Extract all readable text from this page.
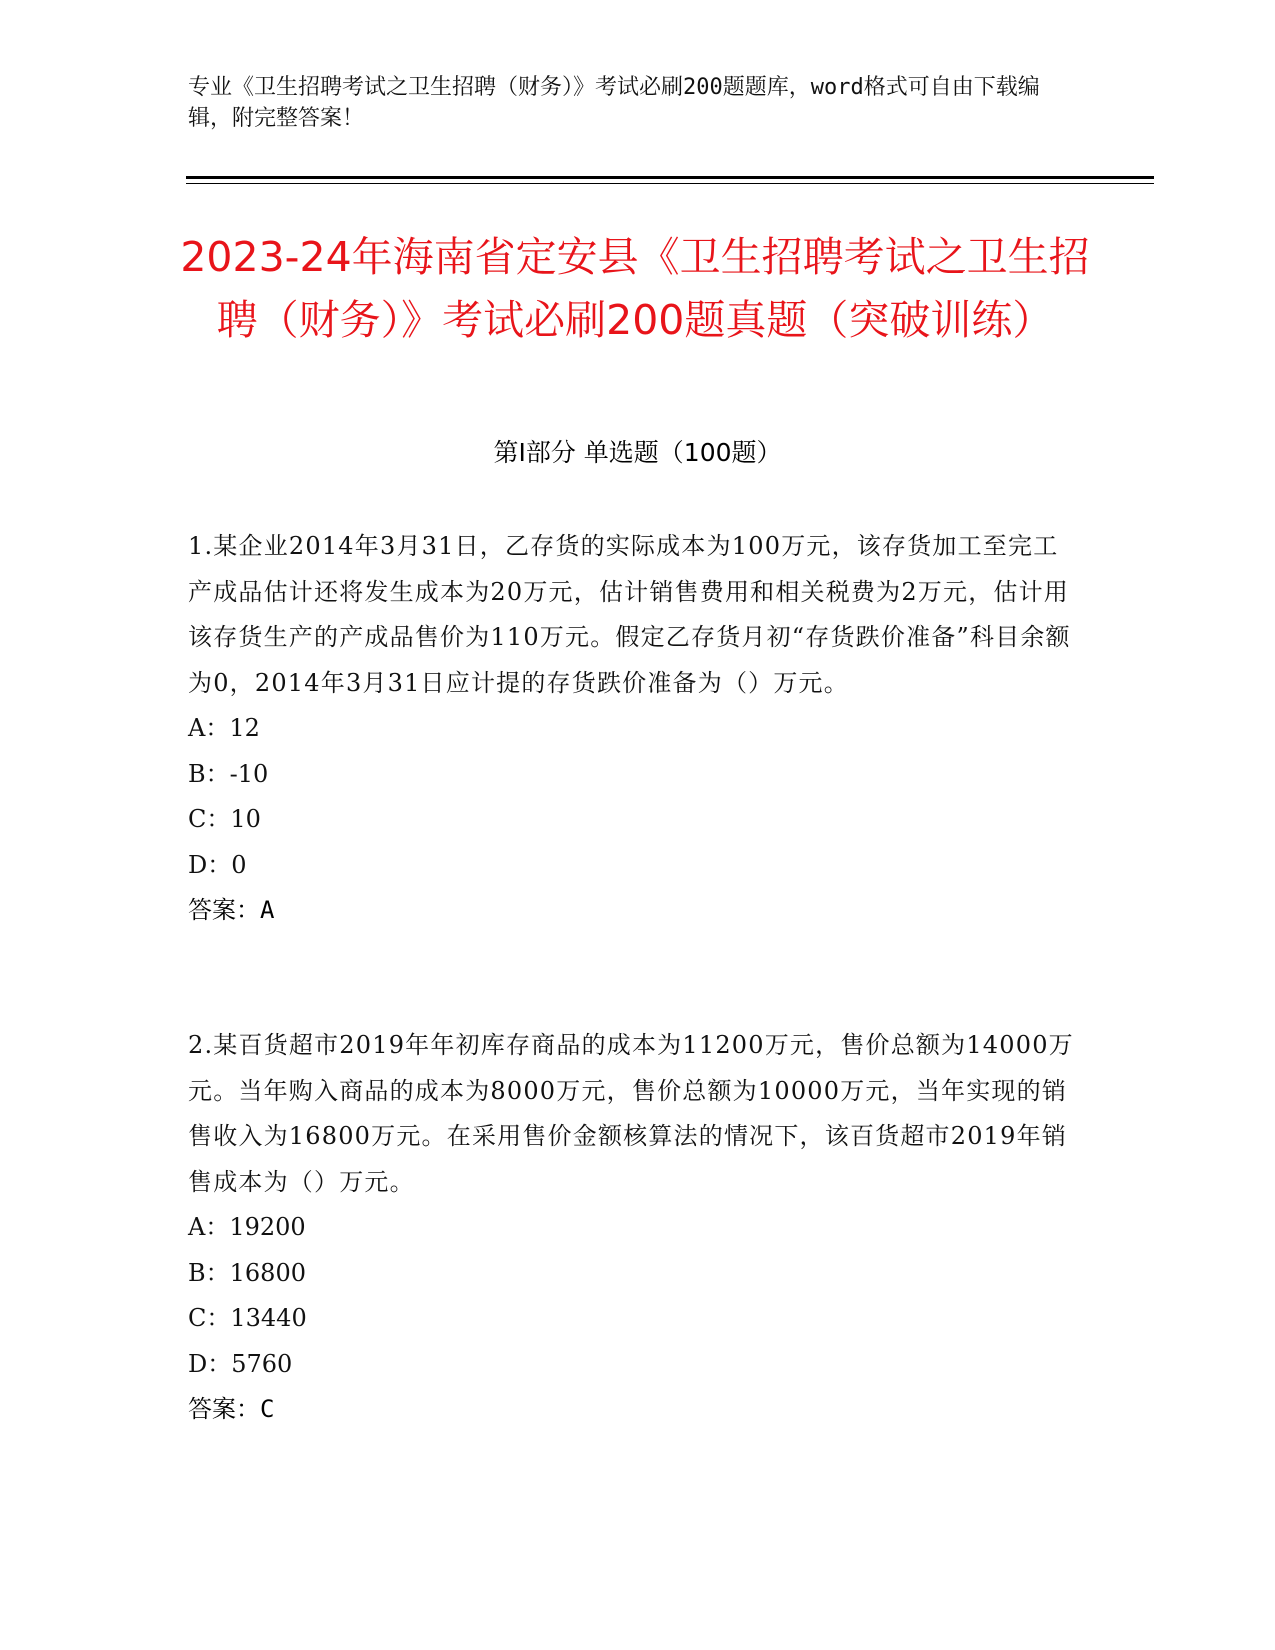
专业《卫生招聘考试之卫生招聘（财务）》考试必刷200题题库，word格式可自由下载编辑，附完整答案！
2023-24年海南省定安县《卫生招聘考试之卫生招聘（财务）》考试必刷200题真题（突破训练）
第I部分 单选题（100题）

1.某企业2014年3月31日，乙存货的实际成本为100万元，该存货加工至完工产成品估计还将发生成本为20万元，估计销售费用和相关税费为2万元，估计用该存货生产的产成品售价为110万元。假定乙存货月初“存货跌价准备”科目余额为0，2014年3月31日应计提的存货跌价准备为（）万元。

A：12
B：-10
C：10
D：0

答案：A

2.某百货超市2019年年初库存商品的成本为11200万元，售价总额为14000万元。当年购入商品的成本为8000万元，售价总额为10000万元，当年实现的销售收入为16800万元。在采用售价金额核算法的情况下，该百货超市2019年销售成本为（）万元。

A：19200
B：16800
C：13440
D：5760

答案：C
